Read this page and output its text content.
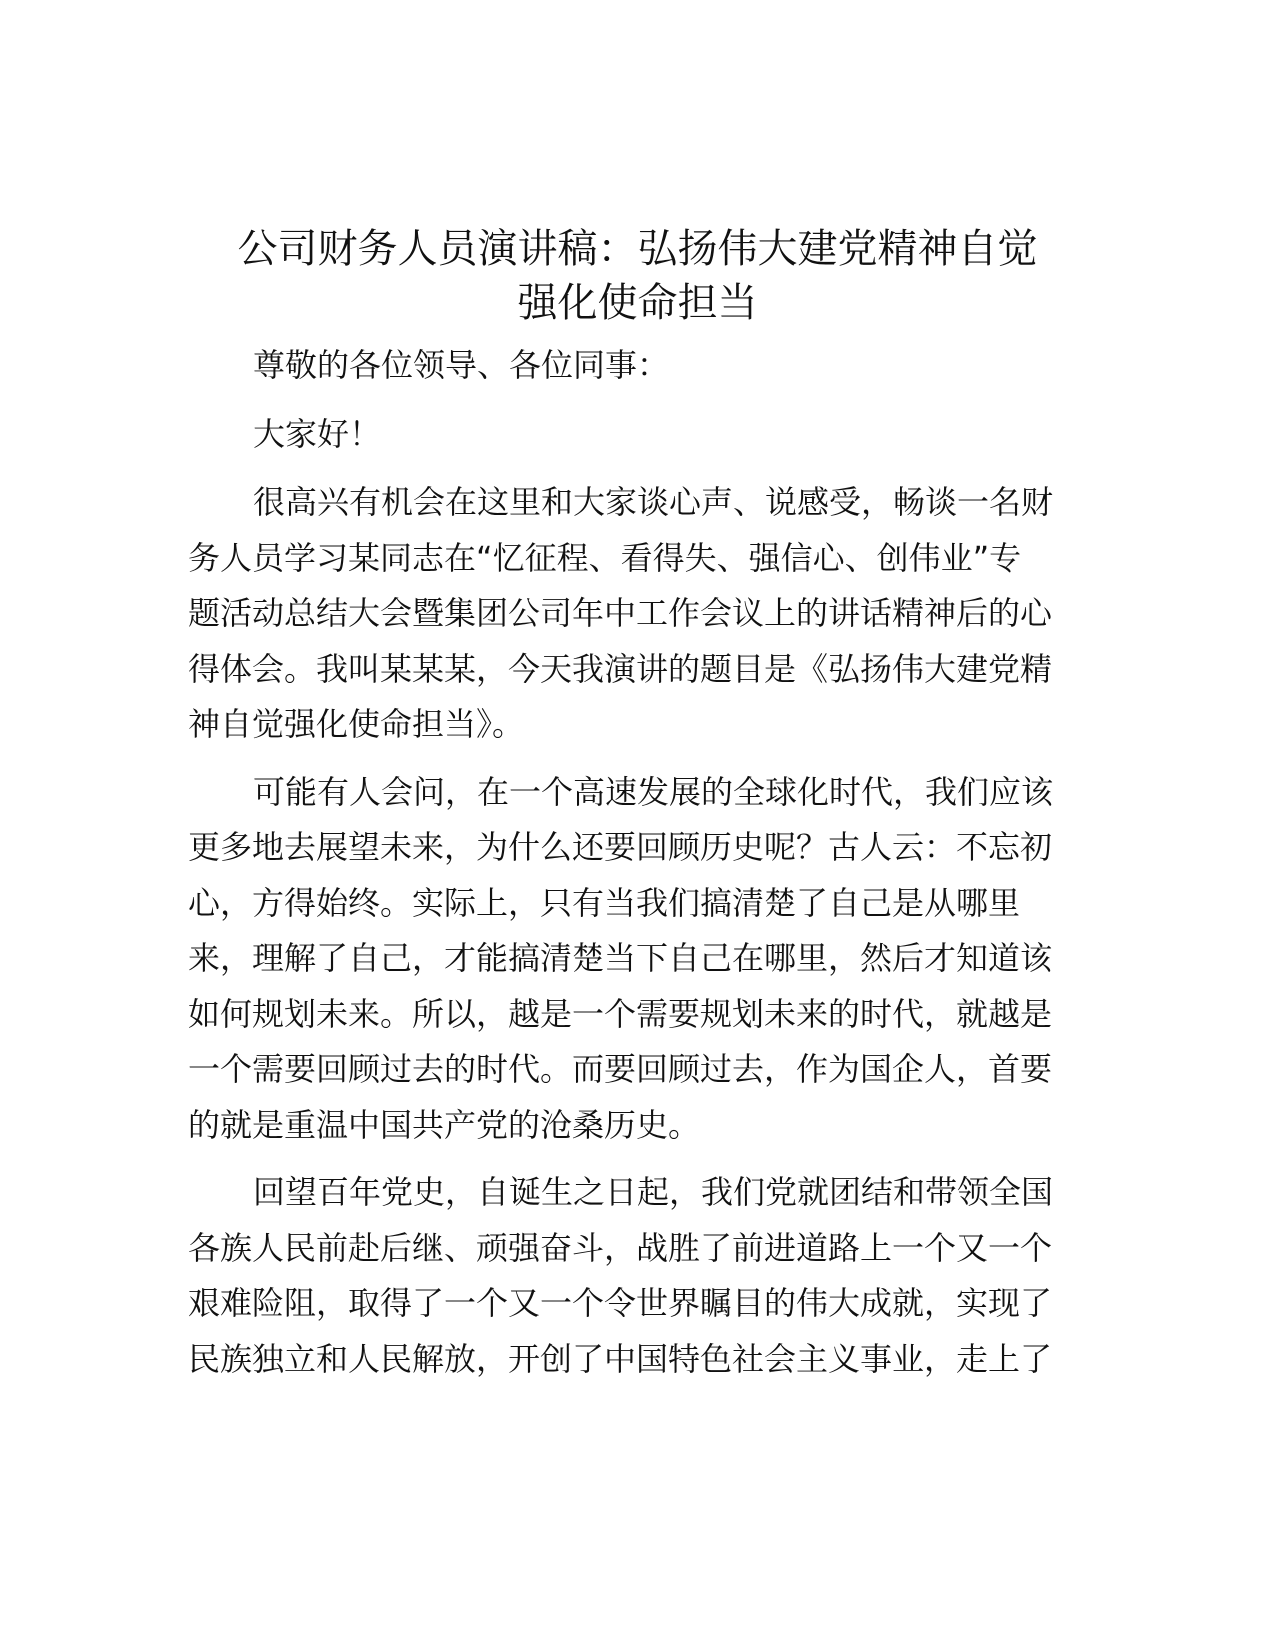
公司财务人员演讲稿：弘扬伟大建党精神自觉
强化使命担当

尊敬的各位领导、各位同事：

大家好！

很高兴有机会在这里和大家谈心声、说感受，畅谈一名财

务人员学习某同志在“忆征程、看得失、强信心、创伟业”专

题活动总结大会暨集团公司年中工作会议上的讲话精神后的心

得体会。我叫某某某，今天我演讲的题目是《弘扬伟大建党精

神自觉强化使命担当》。

可能有人会问，在一个高速发展的全球化时代，我们应该

更多地去展望未来，为什么还要回顾历史呢？古人云：不忘初

心，方得始终。实际上，只有当我们搞清楚了自己是从哪里

来，理解了自己，才能搞清楚当下自己在哪里，然后才知道该

如何规划未来。所以，越是一个需要规划未来的时代，就越是

一个需要回顾过去的时代。而要回顾过去，作为国企人，首要

的就是重温中国共产党的沧桑历史。

回望百年党史，自诞生之日起，我们党就团结和带领全国

各族人民前赴后继、顽强奋斗，战胜了前进道路上一个又一个

艰难险阻，取得了一个又一个令世界瞩目的伟大成就，实现了

民族独立和人民解放，开创了中国特色社会主义事业，走上了
